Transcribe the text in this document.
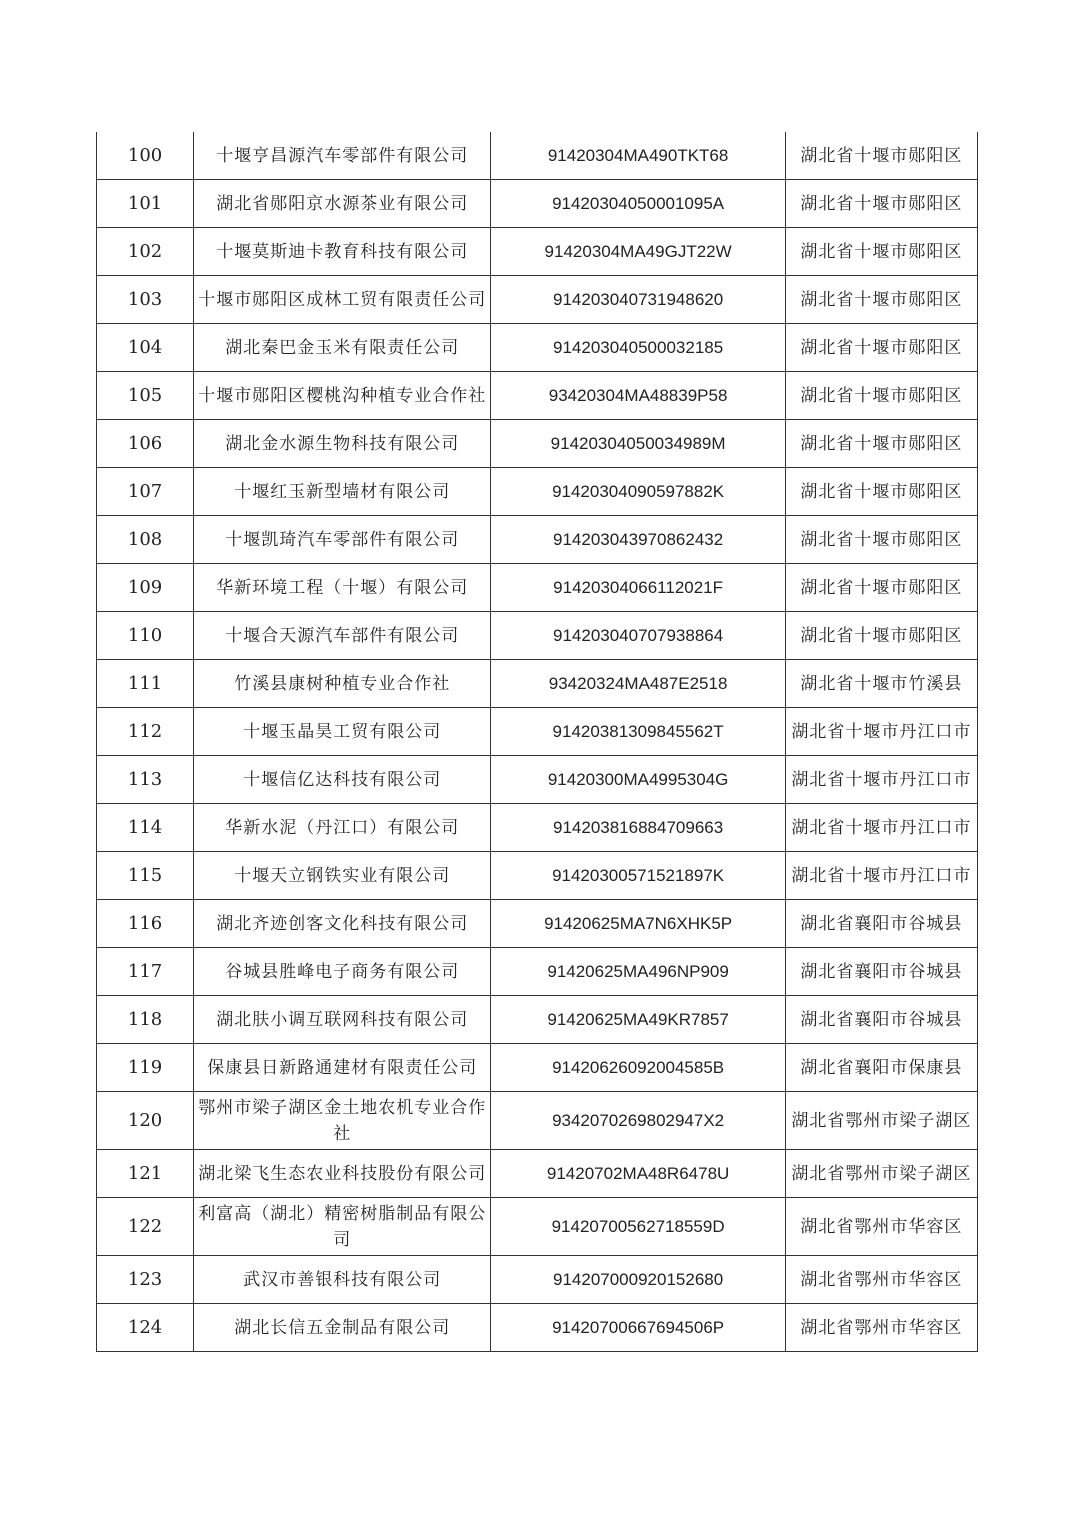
100	十堰亨昌源汽车零部件有限公司	91420304MA490TKT68	湖北省十堰市郧阳区
101	湖北省郧阳京水源茶业有限公司	91420304050001095A	湖北省十堰市郧阳区
102	十堰莫斯迪卡教育科技有限公司	91420304MA49GJT22W	湖北省十堰市郧阳区
103	十堰市郧阳区成林工贸有限责任公司	914203040731948620	湖北省十堰市郧阳区
104	湖北秦巴金玉米有限责任公司	914203040500032185	湖北省十堰市郧阳区
105	十堰市郧阳区樱桃沟种植专业合作社	93420304MA48839P58	湖北省十堰市郧阳区
106	湖北金水源生物科技有限公司	91420304050034989M	湖北省十堰市郧阳区
107	十堰红玉新型墙材有限公司	91420304090597882K	湖北省十堰市郧阳区
108	十堰凯琦汽车零部件有限公司	914203043970862432	湖北省十堰市郧阳区
109	华新环境工程（十堰）有限公司	91420304066112021F	湖北省十堰市郧阳区
110	十堰合天源汽车部件有限公司	914203040707938864	湖北省十堰市郧阳区
111	竹溪县康树种植专业合作社	93420324MA487E2518	湖北省十堰市竹溪县
112	十堰玉晶昊工贸有限公司	91420381309845562T	湖北省十堰市丹江口市
113	十堰信亿达科技有限公司	91420300MA4995304G	湖北省十堰市丹江口市
114	华新水泥（丹江口）有限公司	914203816884709663	湖北省十堰市丹江口市
115	十堰天立钢铁实业有限公司	91420300571521897K	湖北省十堰市丹江口市
116	湖北齐迹创客文化科技有限公司	91420625MA7N6XHK5P	湖北省襄阳市谷城县
117	谷城县胜峰电子商务有限公司	91420625MA496NP909	湖北省襄阳市谷城县
118	湖北肤小调互联网科技有限公司	91420625MA49KR7857	湖北省襄阳市谷城县
119	保康县日新路通建材有限责任公司	91420626092004585B	湖北省襄阳市保康县
120	鄂州市梁子湖区金土地农机专业合作社	9342070269802947X2	湖北省鄂州市梁子湖区
121	湖北梁飞生态农业科技股份有限公司	91420702MA48R6478U	湖北省鄂州市梁子湖区
122	利富高（湖北）精密树脂制品有限公司	91420700562718559D	湖北省鄂州市华容区
123	武汉市善银科技有限公司	914207000920152680	湖北省鄂州市华容区
124	湖北长信五金制品有限公司	91420700667694506P	湖北省鄂州市华容区
